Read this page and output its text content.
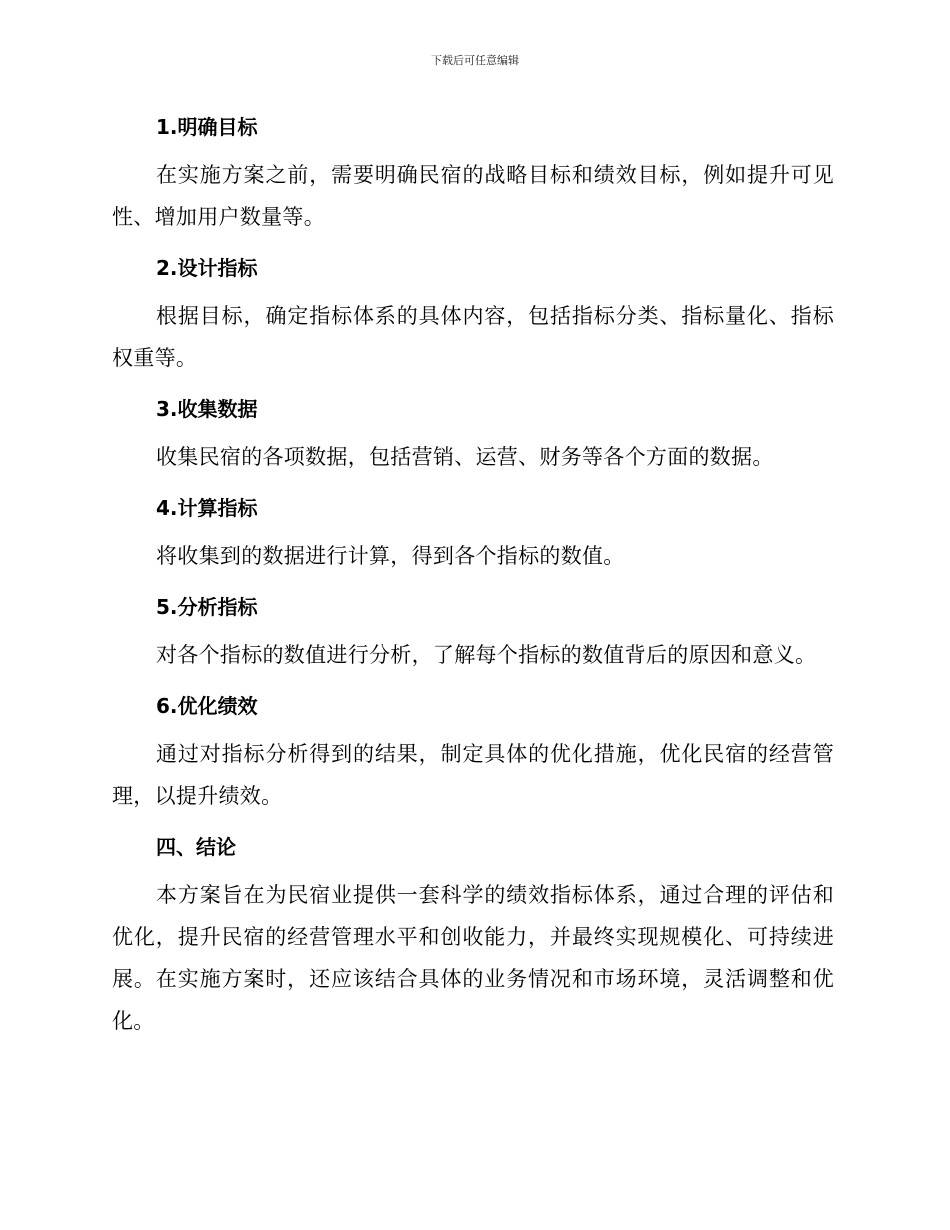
下载后可任意编辑
1.明确目标

在实施方案之前，需要明确民宿的战略目标和绩效目标，例如提升可见性、增加用户数量等。

2.设计指标

根据目标，确定指标体系的具体内容，包括指标分类、指标量化、指标权重等。

3.收集数据

收集民宿的各项数据，包括营销、运营、财务等各个方面的数据。

4.计算指标

将收集到的数据进行计算，得到各个指标的数值。

5.分析指标

对各个指标的数值进行分析，了解每个指标的数值背后的原因和意义。

6.优化绩效

通过对指标分析得到的结果，制定具体的优化措施，优化民宿的经营管理，以提升绩效。

四、结论

本方案旨在为民宿业提供一套科学的绩效指标体系，通过合理的评估和优化，提升民宿的经营管理水平和创收能力，并最终实现规模化、可持续进展。在实施方案时，还应该结合具体的业务情况和市场环境，灵活调整和优化。
